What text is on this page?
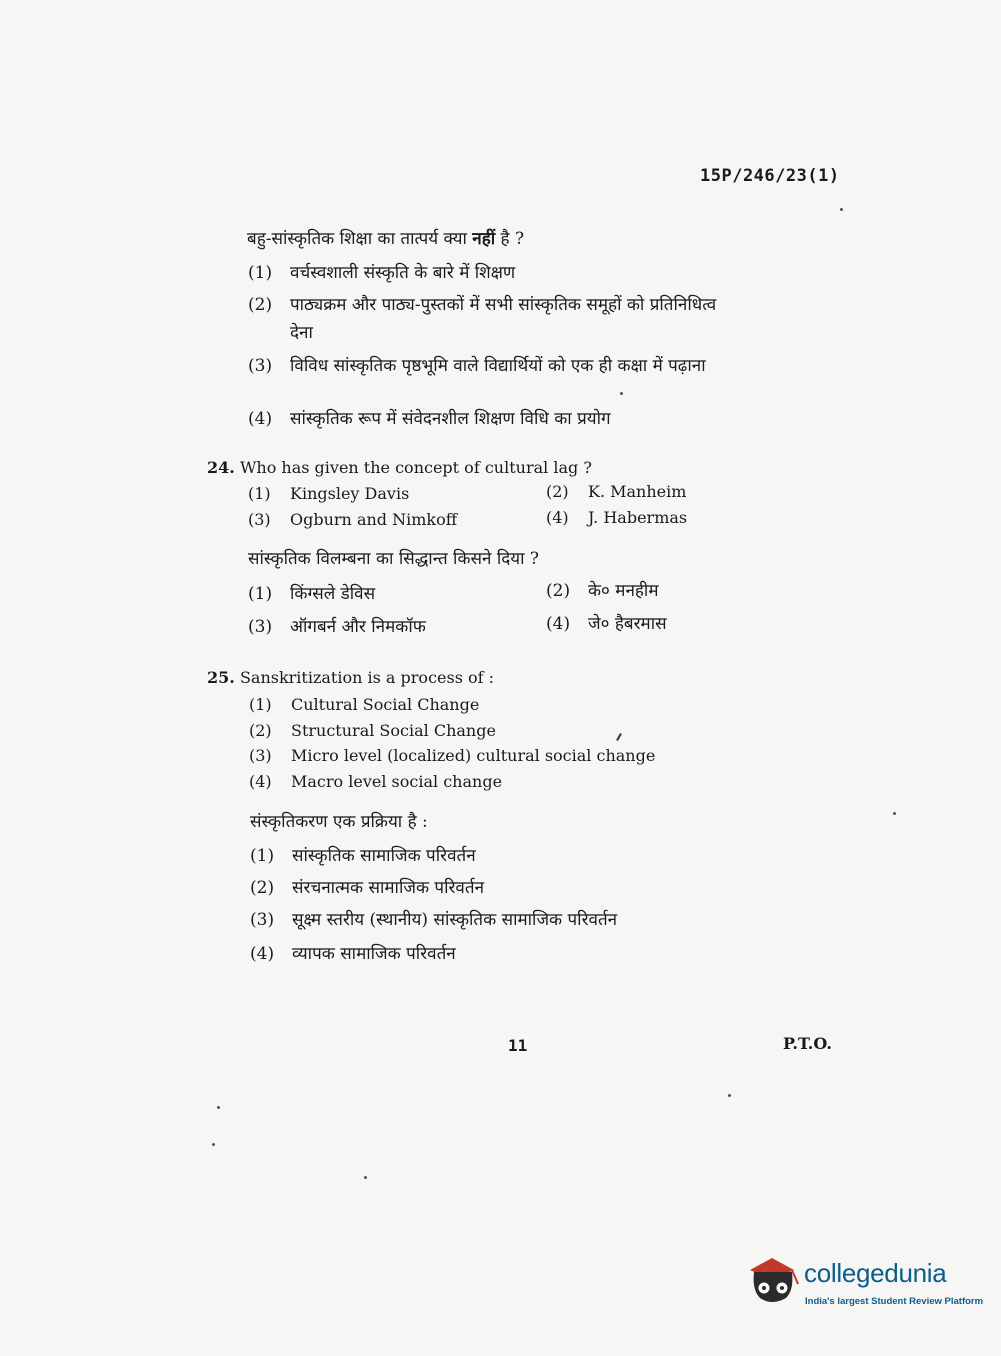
15P/246/23(1)
बहु-सांस्कृतिक शिक्षा का तात्पर्य क्या नहीं है ?
(1) वर्चस्वशाली संस्कृति के बारे में शिक्षण
(2) पाठ्यक्रम और पाठ्य-पुस्तकों में सभी सांस्कृतिक समूहों को प्रतिनिधित्व
देना
(3) विविध सांस्कृतिक पृष्ठभूमि वाले विद्यार्थियों को एक ही कक्षा में पढ़ाना
(4) सांस्कृतिक रूप में संवेदनशील शिक्षण विधि का प्रयोग
24. Who has given the concept of cultural lag ?
(1) Kingsley Davis	(2) K. Manheim
(3) Ogburn and Nimkoff	(4) J. Habermas
सांस्कृतिक विलम्बना का सिद्धान्त किसने दिया ?
(1) किंग्सले डेविस	(2) के० मनहीम
(3) ऑगबर्न और निमकॉफ	(4) जे० हैबरमास
25. Sanskritization is a process of :
(1) Cultural Social Change
(2) Structural Social Change
(3) Micro level (localized) cultural social change
(4) Macro level social change
संस्कृतिकरण एक प्रक्रिया है :
(1) सांस्कृतिक सामाजिक परिवर्तन
(2) संरचनात्मक सामाजिक परिवर्तन
(3) सूक्ष्म स्तरीय (स्थानीय) सांस्कृतिक सामाजिक परिवर्तन
(4) व्यापक सामाजिक परिवर्तन
11	P.T.O.
collegedunia
India's largest Student Review Platform
